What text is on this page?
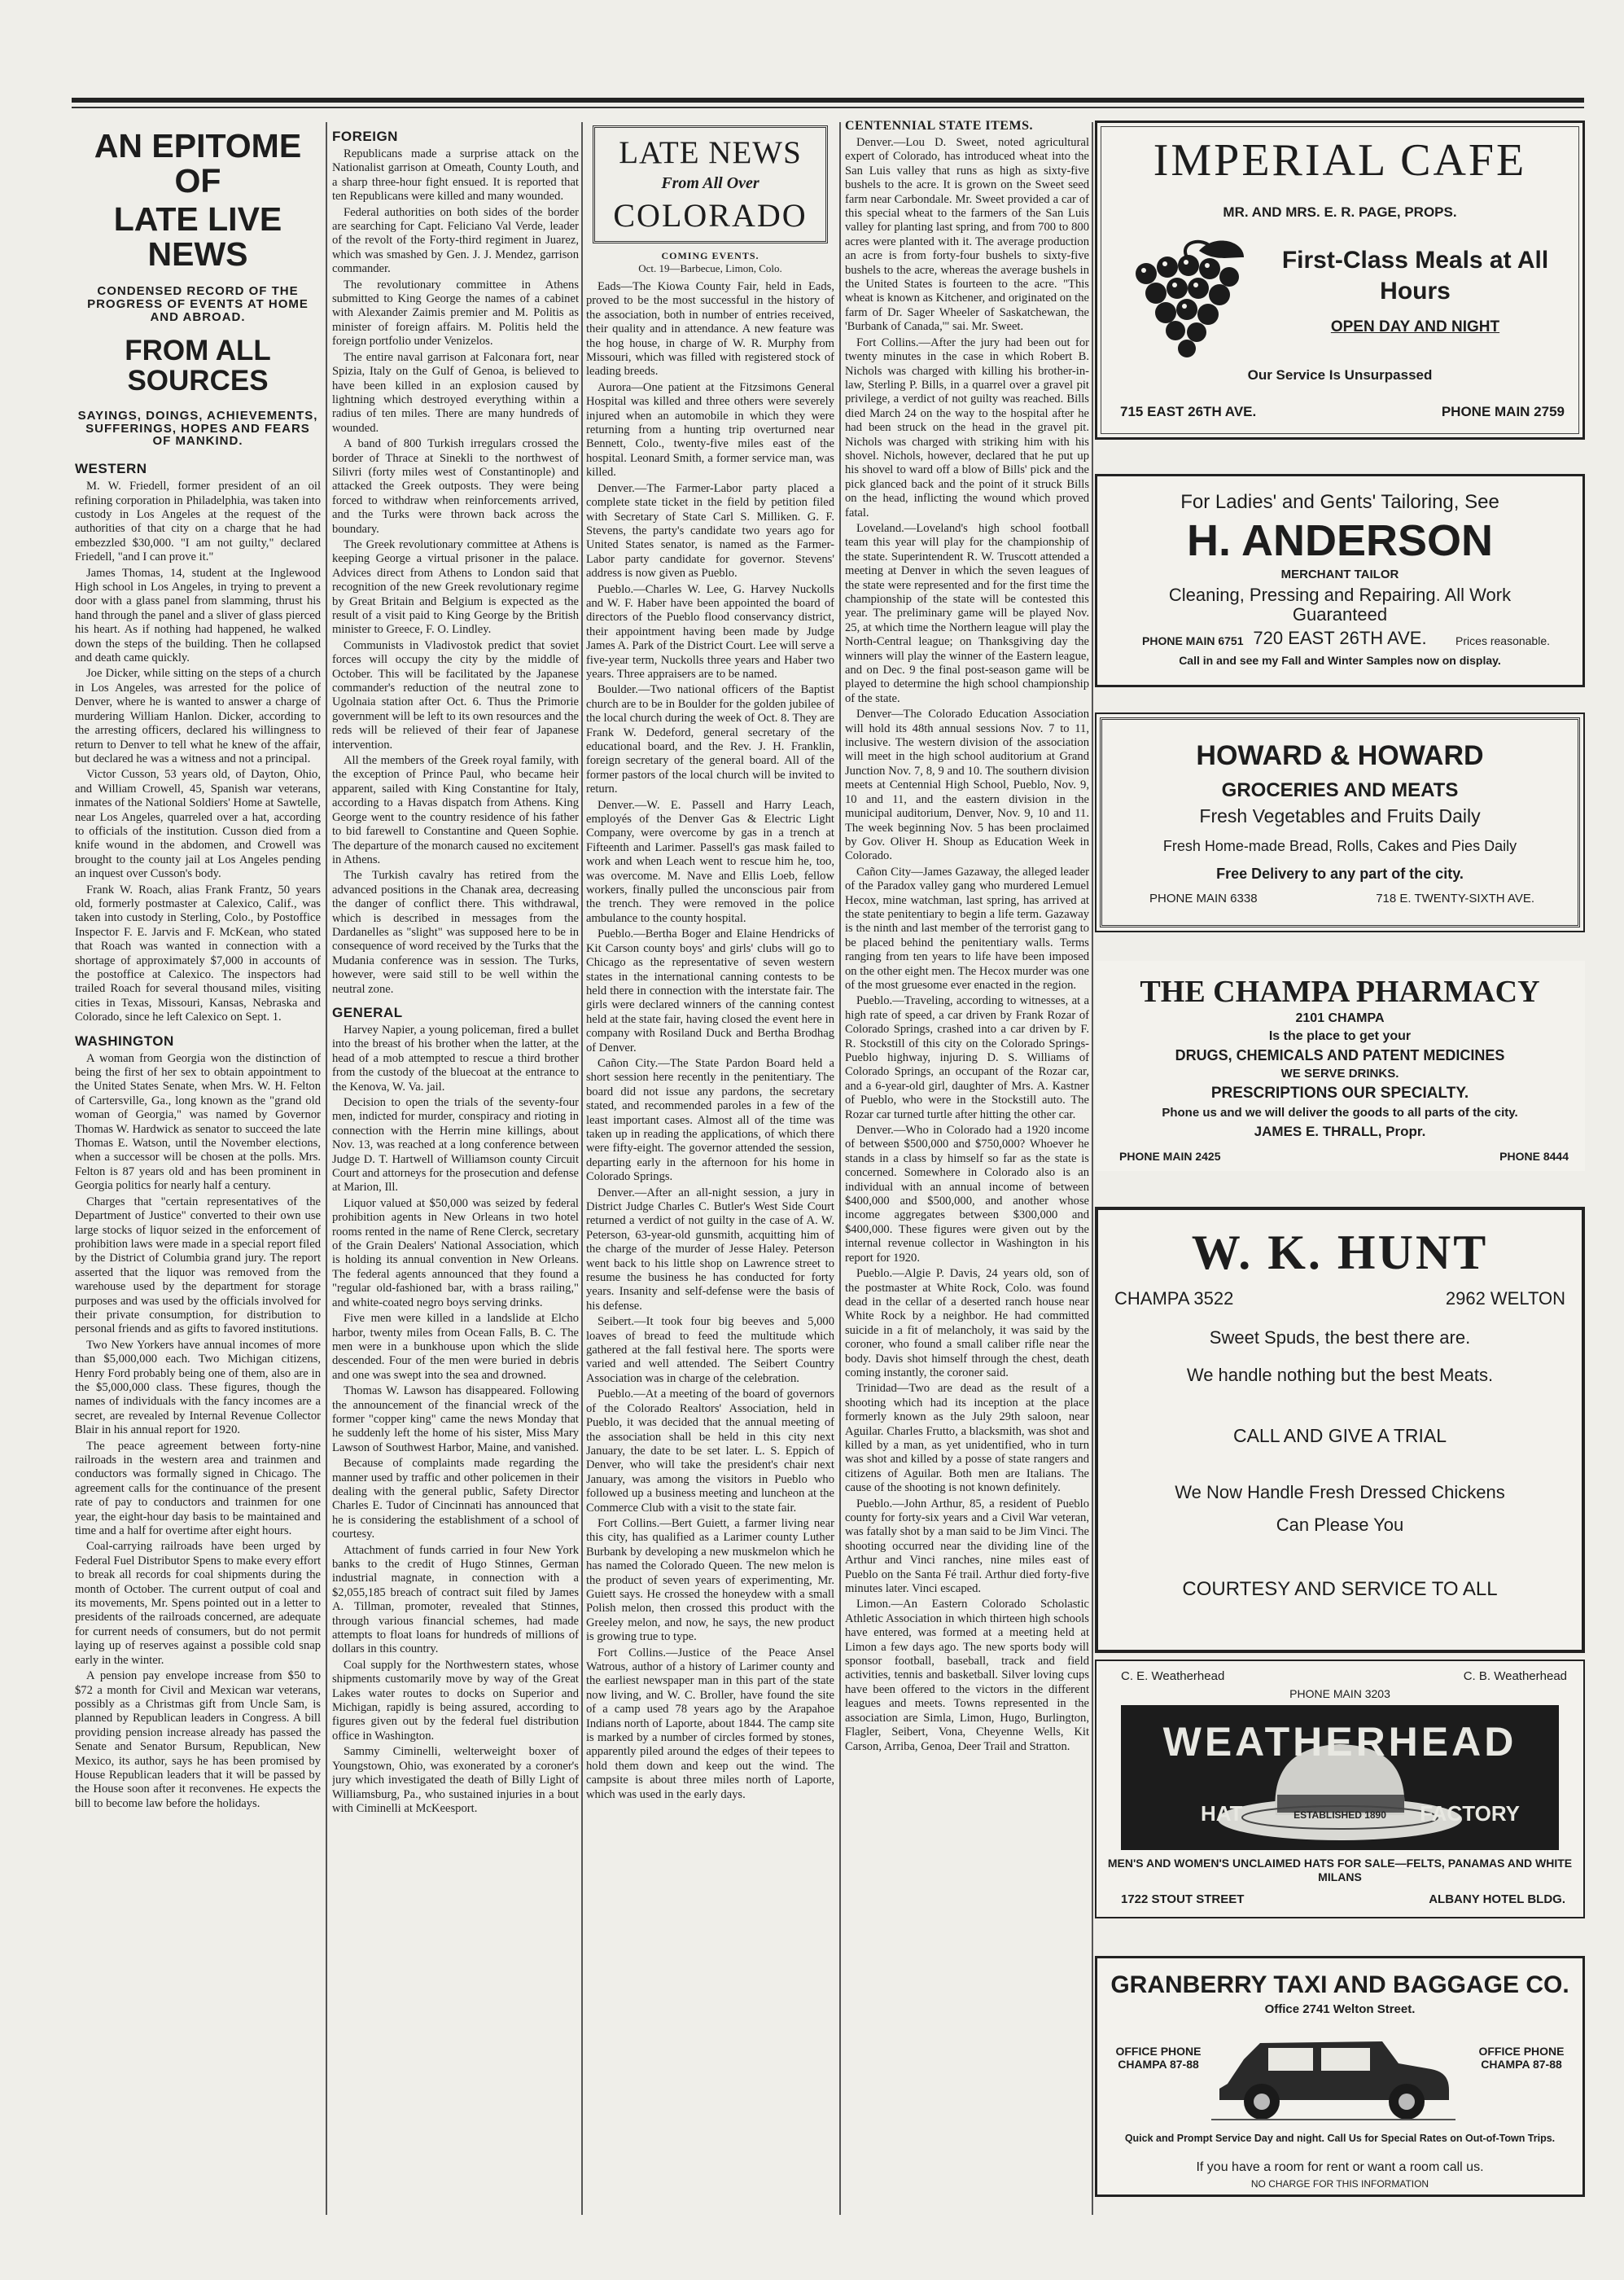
AN EPITOME OF
LATE LIVE NEWS
CONDENSED RECORD OF THE PROGRESS OF EVENTS AT HOME AND ABROAD.
FROM ALL SOURCES
SAYINGS, DOINGS, ACHIEVEMENTS, SUFFERINGS, HOPES AND FEARS OF MANKIND.
WESTERN

M. W. Friedell, former president of an oil refining corporation in Philadelphia, was taken into custody in Los Angeles at the request of the authorities of that city on a charge that he had embezzled $30,000. "I am not guilty," declared Friedell, "and I can prove it."

James Thomas, 14, student at the Inglewood High school in Los Angeles, in trying to prevent a door with a glass panel from slamming, thrust his hand through the panel and a sliver of glass pierced his heart. As if nothing had happened, he walked down the steps of the building. Then he collapsed and death came quickly.

Joe Dicker, while sitting on the steps of a church in Los Angeles, was arrested for the police of Denver, where he is wanted to answer a charge of murdering William Hanlon. Dicker, according to the arresting officers, declared his willingness to return to Denver to tell what he knew of the affair, but declared he was a witness and not a principal.

Victor Cusson, 53 years old, of Dayton, Ohio, and William Crowell, 45, Spanish war veterans, inmates of the National Soldiers' Home at Sawtelle, near Los Angeles, quarreled over a hat, according to officials of the institution. Cusson died from a knife wound in the abdomen, and Crowell was brought to the county jail at Los Angeles pending an inquest over Cusson's body.

Frank W. Roach, alias Frank Frantz, 50 years old, formerly postmaster at Calexico, Calif., was taken into custody in Sterling, Colo., by Postoffice Inspector F. E. Jarvis and F. McKean, who stated that Roach was wanted in connection with a shortage of approximately $7,000 in accounts of the postoffice at Calexico. The inspectors had trailed Roach for several thousand miles, visiting cities in Texas, Missouri, Kansas, Nebraska and Colorado, since he left Calexico on Sept. 1.

WASHINGTON

A woman from Georgia won the distinction of being the first of her sex to obtain appointment to the United States Senate, when Mrs. W. H. Felton of Cartersville, Ga., long known as the "grand old woman of Georgia," was named by Governor Thomas W. Hardwick as senator to succeed the late Thomas E. Watson, until the November elections, when a successor will be chosen at the polls. Mrs. Felton is 87 years old and has been prominent in Georgia politics for nearly half a century.

Charges that "certain representatives of the Department of Justice" converted to their own use large stocks of liquor seized in the enforcement of prohibition laws were made in a special report filed by the District of Columbia grand jury. The report asserted that the liquor was removed from the warehouse used by the department for storage purposes and was used by the officials involved for their private consumption, for distribution to personal friends and as gifts to favored institutions.

Two New Yorkers have annual incomes of more than $5,000,000 each. Two Michigan citizens, Henry Ford probably being one of them, also are in the $5,000,000 class. These figures, though the names of individuals with the fancy incomes are a secret, are revealed by Internal Revenue Collector Blair in his annual report for 1920.

The peace agreement between forty-nine railroads in the western area and trainmen and conductors was formally signed in Chicago. The agreement calls for the continuance of the present rate of pay to conductors and trainmen for one year, the eight-hour day basis to be maintained and time and a half for overtime after eight hours.

Coal-carrying railroads have been urged by Federal Fuel Distributor Spens to make every effort to break all records for coal shipments during the month of October. The current output of coal and its movements, Mr. Spens pointed out in a letter to presidents of the railroads concerned, are adequate for current needs of consumers, but do not permit laying up of reserves against a possible cold snap early in the winter.

A pension pay envelope increase from $50 to $72 a month for Civil and Mexican war veterans, possibly as a Christmas gift from Uncle Sam, is planned by Republican leaders in Congress. A bill providing pension increase already has passed the Senate and Senator Bursum, Republican, New Mexico, its author, says he has been promised by House Republican leaders that it will be passed by the House soon after it reconvenes. He expects the bill to become law before the holidays.

FOREIGN

Republicans made a surprise attack on the Nationalist garrison at Omeath, County Louth, and a sharp three-hour fight ensued. It is reported that ten Republicans were killed and many wounded.

Federal authorities on both sides of the border are searching for Capt. Feliciano Val Verde, leader of the revolt of the Forty-third regiment in Juarez, which was smashed by Gen. J. J. Mendez, garrison commander.

The revolutionary committee in Athens submitted to King George the names of a cabinet with Alexander Zaimis premier and M. Politis as minister of foreign affairs. M. Politis held the foreign portfolio under Venizelos.

The entire naval garrison at Falconara fort, near Spizia, Italy on the Gulf of Genoa, is believed to have been killed in an explosion caused by lightning which destroyed everything within a radius of ten miles. There are many hundreds of wounded.

A band of 800 Turkish irregulars crossed the border of Thrace at Sinekli to the northwest of Silivri (forty miles west of Constantinople) and attacked the Greek outposts. They were being forced to withdraw when reinforcements arrived, and the Turks were thrown back across the boundary.

The Greek revolutionary committee at Athens is keeping George a virtual prisoner in the palace. Advices direct from Athens to London said that recognition of the new Greek revolutionary regime by Great Britain and Belgium is expected as the result of a visit paid to King George by the British minister to Greece, F. O. Lindley.

Communists in Vladivostok predict that soviet forces will occupy the city by the middle of October. This will be facilitated by the Japanese commander's reduction of the neutral zone to Ugolnaia station after Oct. 6. Thus the Primorie government will be left to its own resources and the reds will be relieved of their fear of Japanese intervention.

All the members of the Greek royal family, with the exception of Prince Paul, who became heir apparent, sailed with King Constantine for Italy, according to a Havas dispatch from Athens. King George went to the country residence of his father to bid farewell to Constantine and Queen Sophie. The departure of the monarch caused no excitement in Athens.

The Turkish cavalry has retired from the advanced positions in the Chanak area, decreasing the danger of conflict there. This withdrawal, which is described in messages from the Dardanelles as "slight" was supposed here to be in consequence of word received by the Turks that the Mudania conference was in session. The Turks, however, were said still to be well within the neutral zone.

GENERAL

Harvey Napier, a young policeman, fired a bullet into the breast of his brother when the latter, at the head of a mob attempted to rescue a third brother from the custody of the bluecoat at the entrance to the Kenova, W. Va. jail.

Decision to open the trials of the seventy-four men, indicted for murder, conspiracy and rioting in connection with the Herrin mine killings, about Nov. 13, was reached at a long conference between Judge D. T. Hartwell of Williamson county Circuit Court and attorneys for the prosecution and defense at Marion, Ill.

Liquor valued at $50,000 was seized by federal prohibition agents in New Orleans in two hotel rooms rented in the name of Rene Clerck, secretary of the Grain Dealers' National Association, which is holding its annual convention in New Orleans. The federal agents announced that they found a "regular old-fashioned bar, with a brass railing," and white-coated negro boys serving drinks.

Five men were killed in a landslide at Elcho harbor, twenty miles from Ocean Falls, B. C. The men were in a bunkhouse upon which the slide descended. Four of the men were buried in debris and one was swept into the sea and drowned.

Thomas W. Lawson has disappeared. Following the announcement of the financial wreck of the former "copper king" came the news Monday that he suddenly left the home of his sister, Miss Mary Lawson of Southwest Harbor, Maine, and vanished.

Because of complaints made regarding the manner used by traffic and other policemen in their dealing with the general public, Safety Director Charles E. Tudor of Cincinnati has announced that he is considering the establishment of a school of courtesy.

Attachment of funds carried in four New York banks to the credit of Hugo Stinnes, German industrial magnate, in connection with a $2,055,185 breach of contract suit filed by James A. Tillman, promoter, revealed that Stinnes, through various financial schemes, had made attempts to float loans for hundreds of millions of dollars in this country.

Coal supply for the Northwestern states, whose shipments customarily move by way of the Great Lakes water routes to docks on Superior and Michigan, rapidly is being assured, according to figures given out by the federal fuel distribution office in Washington.

Sammy Ciminelli, welterweight boxer of Youngstown, Ohio, was exonerated by a coroner's jury which investigated the death of Billy Light of Williamsburg, Pa., who sustained injuries in a bout with Ciminelli at McKeesport.

LATE NEWS
From All Over
COLORADO
COMING EVENTS.
Oct. 19—Barbecue, Limon, Colo.

Eads—The Kiowa County Fair, held in Eads, proved to be the most successful in the history of the association, both in number of entries received, their quality and in attendance. A new feature was the hog house, in charge of W. R. Murphy from Missouri, which was filled with registered stock of leading breeds.

Aurora—One patient at the Fitzsimons General Hospital was killed and three others were severely injured when an automobile in which they were returning from a hunting trip overturned near Bennett, Colo., twenty-five miles east of the hospital. Leonard Smith, a former service man, was killed.

Denver.—The Farmer-Labor party placed a complete state ticket in the field by petition filed with Secretary of State Carl S. Milliken. G. F. Stevens, the party's candidate two years ago for United States senator, is named as the Farmer-Labor party candidate for governor. Stevens' address is now given as Pueblo.

Pueblo.—Charles W. Lee, G. Harvey Nuckolls and W. F. Haber have been appointed the board of directors of the Pueblo flood conservancy district, their appointment having been made by Judge James A. Park of the District Court. Lee will serve a five-year term, Nuckolls three years and Haber two years. Three appraisers are to be named.

Boulder.—Two national officers of the Baptist church are to be in Boulder for the golden jubilee of the local church during the week of Oct. 8. They are Frank W. Dedeford, general secretary of the educational board, and the Rev. J. H. Franklin, foreign secretary of the general board. All of the former pastors of the local church will be invited to return.

Denver.—W. E. Passell and Harry Leach, employés of the Denver Gas & Electric Light Company, were overcome by gas in a trench at Fifteenth and Larimer. Passell's gas mask failed to work and when Leach went to rescue him he, too, was overcome. M. Nave and Ellis Loeb, fellow workers, finally pulled the unconscious pair from the trench. They were removed in the police ambulance to the county hospital.

Pueblo.—Bertha Boger and Elaine Hendricks of Kit Carson county boys' and girls' clubs will go to Chicago as the representative of seven western states in the international canning contests to be held there in connection with the interstate fair. The girls were declared winners of the canning contest held at the state fair, having closed the event here in company with Rosiland Duck and Bertha Brodhag of Denver.

Cañon City.—The State Pardon Board held a short session here recently in the penitentiary. The board did not issue any pardons, the secretary stated, and recommended paroles in a few of the least important cases. Almost all of the time was taken up in reading the applications, of which there were fifty-eight. The governor attended the session, departing early in the afternoon for his home in Colorado Springs.

Denver.—After an all-night session, a jury in District Judge Charles C. Butler's West Side Court returned a verdict of not guilty in the case of A. W. Peterson, 63-year-old gunsmith, acquitting him of the charge of the murder of Jesse Haley. Peterson went back to his little shop on Lawrence street to resume the business he has conducted for forty years. Insanity and self-defense were the basis of his defense.

Seibert.—It took four big beeves and 5,000 loaves of bread to feed the multitude which gathered at the fall festival here. The sports were varied and well attended. The Seibert Country Association was in charge of the celebration.

Pueblo.—At a meeting of the board of governors of the Colorado Realtors' Association, held in Pueblo, it was decided that the annual meeting of the association shall be held in this city next January, the date to be set later. L. S. Eppich of Denver, who will take the president's chair next January, was among the visitors in Pueblo who followed up a business meeting and luncheon at the Commerce Club with a visit to the state fair.

Fort Collins.—Bert Guiett, a farmer living near this city, has qualified as a Larimer county Luther Burbank by developing a new muskmelon which he has named the Colorado Queen. The new melon is the product of seven years of experimenting, Mr. Guiett says. He crossed the honeydew with a small Polish melon, then crossed this product with the Greeley melon, and now, he says, the new product is growing true to type.

Fort Collins.—Justice of the Peace Ansel Watrous, author of a history of Larimer county and the earliest newspaper man in this part of the state now living, and W. C. Broller, have found the site of a camp used 78 years ago by the Arapahoe Indians north of Laporte, about 1844. The camp site is marked by a number of circles formed by stones, apparently piled around the edges of their tepees to hold them down and keep out the wind. The campsite is about three miles north of Laporte, which was used in the early days.

CENTENNIAL STATE ITEMS.

Denver.—Lou D. Sweet, noted agricultural expert of Colorado, has introduced wheat into the San Luis valley that runs as high as sixty-five bushels to the acre. It is grown on the Sweet seed farm near Carbondale. Mr. Sweet provided a car of this special wheat to the farmers of the San Luis valley for planting last spring, and from 700 to 800 acres were planted with it. The average production an acre is from forty-four bushels to sixty-five bushels to the acre, whereas the average bushels in the United States is fourteen to the acre. "This wheat is known as Kitchener, and originated on the farm of Dr. Sager Wheeler of Saskatchewan, the 'Burbank of Canada,'" sai. Mr. Sweet.

Fort Collins.—After the jury had been out for twenty minutes in the case in which Robert B. Nichols was charged with killing his brother-in-law, Sterling P. Bills, in a quarrel over a gravel pit privilege, a verdict of not guilty was reached. Bills died March 24 on the way to the hospital after he had been struck on the head in the gravel pit. Nichols was charged with striking him with his shovel. Nichols, however, declared that he put up his shovel to ward off a blow of Bills' pick and the pick glanced back and the point of it struck Bills on the head, inflicting the wound which proved fatal.

Loveland.—Loveland's high school football team this year will play for the championship of the state. Superintendent R. W. Truscott attended a meeting at Denver in which the seven leagues of the state were represented and for the first time the championship of the state will be contested this year. The preliminary game will be played Nov. 25, at which time the Northern league will play the North-Central league; on Thanksgiving day the winners will play the winner of the Eastern league, and on Dec. 9 the final post-season game will be played to determine the high school championship of the state.

Denver—The Colorado Education Association will hold its 48th annual sessions Nov. 7 to 11, inclusive. The western division of the association will meet in the high school auditorium at Grand Junction Nov. 7, 8, 9 and 10. The southern division meets at Centennial High School, Pueblo, Nov. 9, 10 and 11, and the eastern division in the municipal auditorium, Denver, Nov. 9, 10 and 11. The week beginning Nov. 5 has been proclaimed by Gov. Oliver H. Shoup as Education Week in Colorado.

Cañon City—James Gazaway, the alleged leader of the Paradox valley gang who murdered Lemuel Hecox, mine watchman, last spring, has arrived at the state penitentiary to begin a life term. Gazaway is the ninth and last member of the terrorist gang to be placed behind the penitentiary walls. Terms ranging from ten years to life have been imposed on the other eight men. The Hecox murder was one of the most gruesome ever enacted in the region.

Pueblo.—Traveling, according to witnesses, at a high rate of speed, a car driven by Frank Rozar of Colorado Springs, crashed into a car driven by F. R. Stockstill of this city on the Colorado Springs-Pueblo highway, injuring D. S. Williams of Colorado Springs, an occupant of the Rozar car, and a 6-year-old girl, daughter of Mrs. A. Kastner of Pueblo, who were in the Stockstill auto. The Rozar car turned turtle after hitting the other car.

Denver.—Who in Colorado had a 1920 income of between $500,000 and $750,000? Whoever he stands in a class by himself so far as the state is concerned. Somewhere in Colorado also is an individual with an annual income of between $400,000 and $500,000, and another whose income aggregates between $300,000 and $400,000. These figures were given out by the internal revenue collector in Washington in his report for 1920.

Pueblo.—Algie P. Davis, 24 years old, son of the postmaster at White Rock, Colo. was found dead in the cellar of a deserted ranch house near White Rock by a neighbor. He had committed suicide in a fit of melancholy, it was said by the coroner, who found a small caliber rifle near the body. Davis shot himself through the chest, death coming instantly, the coroner said.

Trinidad—Two are dead as the result of a shooting which had its inception at the place formerly known as the July 29th saloon, near Aguilar. Charles Frutto, a blacksmith, was shot and killed by a man, as yet unidentified, who in turn was shot and killed by a posse of state rangers and citizens of Aguilar. Both men are Italians. The cause of the shooting is not known definitely.

Pueblo.—John Arthur, 85, a resident of Pueblo county for forty-six years and a Civil War veteran, was fatally shot by a man said to be Jim Vinci. The shooting occurred near the dividing line of the Arthur and Vinci ranches, nine miles east of Pueblo on the Santa Fé trail. Arthur died forty-five minutes later. Vinci escaped.

Limon.—An Eastern Colorado Scholastic Athletic Association in which thirteen high schools have entered, was formed at a meeting held at Limon a few days ago. The new sports body will sponsor football, baseball, track and field activities, tennis and basketball. Silver loving cups have been offered to the victors in the different leagues and meets. Towns represented in the association are Simla, Limon, Hugo, Burlington, Flagler, Seibert, Vona, Cheyenne Wells, Kit Carson, Arriba, Genoa, Deer Trail and Stratton.

IMPERIAL CAFE
MR. AND MRS. E. R. PAGE, PROPS.
First-Class Meals at All Hours
OPEN DAY AND NIGHT
Our Service Is Unsurpassed
715 EAST 26TH AVE.	PHONE MAIN 2759
For Ladies' and Gents' Tailoring, See
H. ANDERSON
MERCHANT TAILOR
Cleaning, Pressing and Repairing. All Work Guaranteed
720 EAST 26TH AVE.
PHONE MAIN 6751	Prices reasonable.
Call in and see my Fall and Winter Samples now on display.
HOWARD & HOWARD
GROCERIES AND MEATS
Fresh Vegetables and Fruits Daily
Fresh Home-made Bread, Rolls, Cakes and Pies Daily
Free Delivery to any part of the city.
PHONE MAIN 6338	718 E. TWENTY-SIXTH AVE.
THE CHAMPA PHARMACY
2101 CHAMPA
Is the place to get your
DRUGS, CHEMICALS AND PATENT MEDICINES
WE SERVE DRINKS.
PRESCRIPTIONS OUR SPECIALTY.
Phone us and we will deliver the goods to all parts of the city.
JAMES E. THRALL, Propr.
PHONE MAIN 2425	PHONE 8444
W. K. HUNT
CHAMPA 3522	2962 WELTON
Sweet Spuds, the best there are.
We handle nothing but the best Meats.
CALL AND GIVE A TRIAL
We Now Handle Fresh Dressed Chickens
Can Please You
COURTESY AND SERVICE TO ALL
C. E. Weatherhead	C. B. Weatherhead
PHONE MAIN 3203
WEATHERHEAD
HAT	FACTORY
ESTABLISHED 1890
MEN'S AND WOMEN'S UNCLAIMED HATS FOR SALE—FELTS, PANAMAS AND WHITE MILANS
1722 STOUT STREET	ALBANY HOTEL BLDG.
GRANBERRY TAXI AND BAGGAGE CO.
Office 2741 Welton Street.
OFFICE PHONE CHAMPA 87-88
OFFICE PHONE CHAMPA 87-88
Quick and Prompt Service Day and night. Call Us for Special Rates on Out-of-Town Trips.
If you have a room for rent or want a room call us.
NO CHARGE FOR THIS INFORMATION
